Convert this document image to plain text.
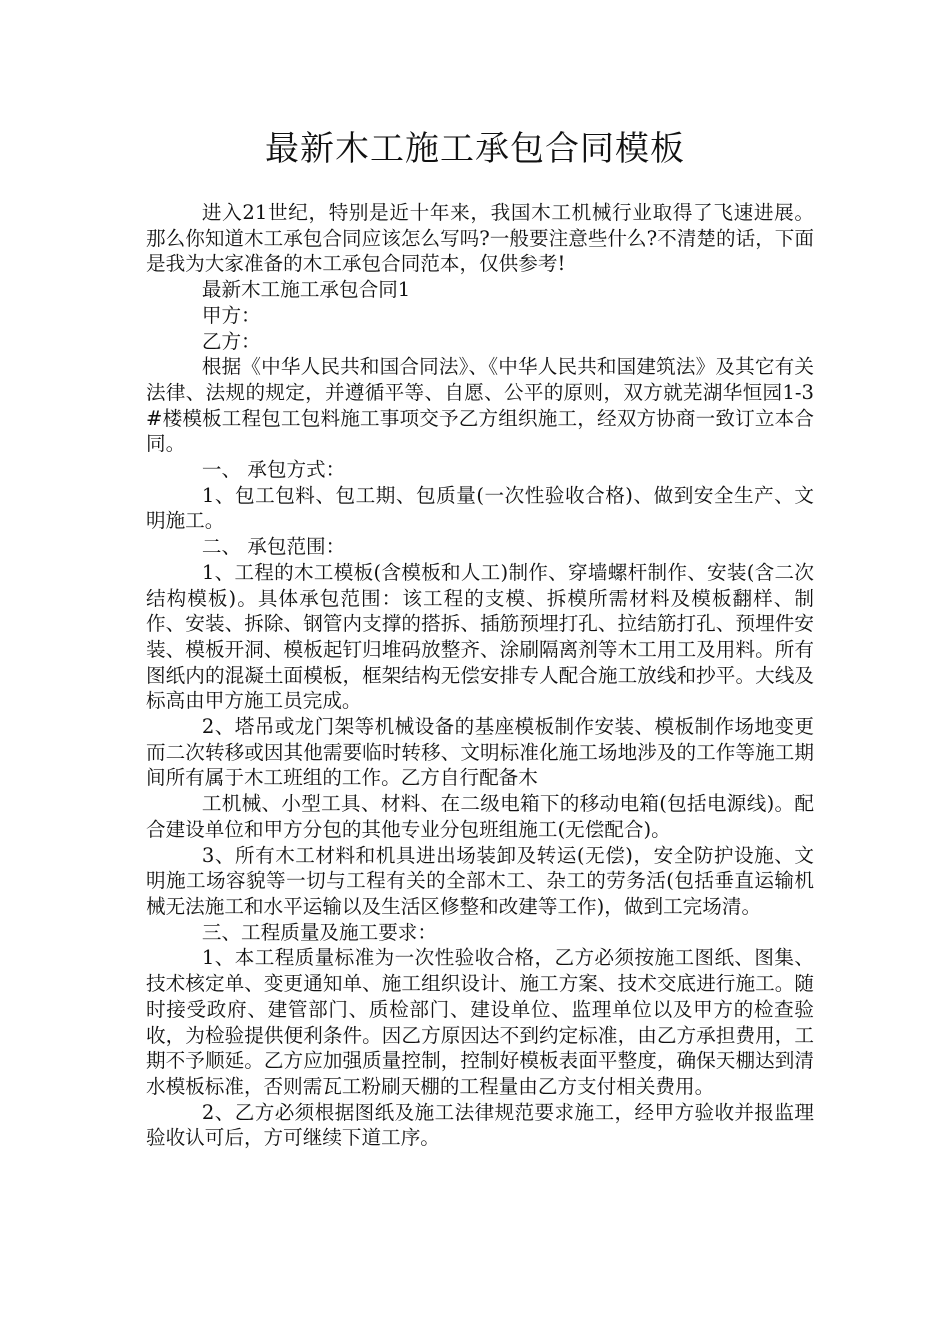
最新木工施工承包合同模板

进入21世纪，特别是近十年来，我国木工机械行业取得了飞速进展。那么你知道木工承包合同应该怎么写吗?一般要注意些什么?不清楚的话，下面是我为大家准备的木工承包合同范本，仅供参考!

最新木工施工承包合同1

甲方：

乙方：

根据《中华人民共和国合同法》、《中华人民共和国建筑法》及其它有关法律、法规的规定，并遵循平等、自愿、公平的原则，双方就芜湖华恒园1-3#楼模板工程包工包料施工事项交予乙方组织施工，经双方协商一致订立本合同。

一、 承包方式：

1、包工包料、包工期、包质量(一次性验收合格)、做到安全生产、文明施工。

二、 承包范围：

1、工程的木工模板(含模板和人工)制作、穿墙螺杆制作、安装(含二次结构模板)。具体承包范围：该工程的支模、拆模所需材料及模板翻样、制作、安装、拆除、钢管内支撑的搭拆、插筋预埋打孔、拉结筋打孔、预埋件安装、模板开洞、模板起钉归堆码放整齐、涂刷隔离剂等木工用工及用料。所有图纸内的混凝土面模板，框架结构无偿安排专人配合施工放线和抄平。大线及标高由甲方施工员完成。

2、塔吊或龙门架等机械设备的基座模板制作安装、模板制作场地变更而二次转移或因其他需要临时转移、文明标准化施工场地涉及的工作等施工期间所有属于木工班组的工作。乙方自行配备木

工机械、小型工具、材料、在二级电箱下的移动电箱(包括电源线)。配合建设单位和甲方分包的其他专业分包班组施工(无偿配合)。

3、所有木工材料和机具进出场装卸及转运(无偿)，安全防护设施、文明施工场容貌等一切与工程有关的全部木工、杂工的劳务活(包括垂直运输机械无法施工和水平运输以及生活区修整和改建等工作)，做到工完场清。

三、工程质量及施工要求：

1、本工程质量标准为一次性验收合格，乙方必须按施工图纸、图集、技术核定单、变更通知单、施工组织设计、施工方案、技术交底进行施工。随时接受政府、建管部门、质检部门、建设单位、监理单位以及甲方的检查验收，为检验提供便利条件。因乙方原因达不到约定标准，由乙方承担费用，工期不予顺延。乙方应加强质量控制，控制好模板表面平整度，确保天棚达到清水模板标准，否则需瓦工粉刷天棚的工程量由乙方支付相关费用。

2、乙方必须根据图纸及施工法律规范要求施工，经甲方验收并报监理验收认可后，方可继续下道工序。
